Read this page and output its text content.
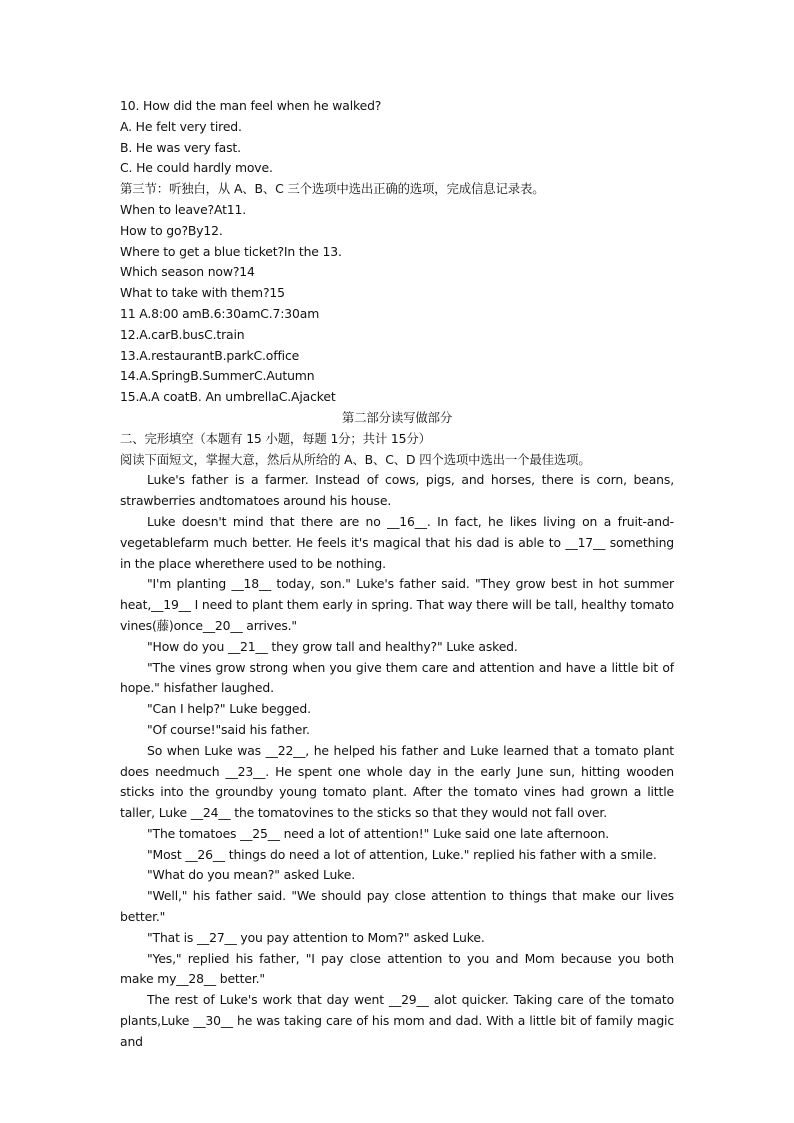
10. How did the man feel when he walked?
A. He felt very tired.
B. He was very fast.
C. He could hardly move.
第三节：听独白，从 A、B、C 三个选项中选出正确的选项，完成信息记录表。
When to leave?At11.
How to go?By12.
Where to get a blue ticket?In the 13.
Which season now?14
What to take with them?15
11 A.8:00 amB.6:30amC.7:30am
12.A.carB.busC.train
13.A.restaurantB.parkC.office
14.A.SpringB.SummerC.Autumn
15.A.A coatB. An umbrellaC.Ajacket
第二部分读写做部分
二、完形填空（本题有 15 小题，每题 1分；共计 15分）
阅读下面短文，掌握大意，然后从所给的 A、B、C、D 四个选项中选出一个最佳选项。
Luke's father is a farmer. Instead of cows, pigs, and horses, there is corn, beans, strawberries andtomatoes around his house.
Luke doesn't mind that there are no __16__. In fact, he likes living on a fruit-and-vegetablefarm much better. He feels it's magical that his dad is able to __17__ something in the place wherethere used to be nothing.
"I'm planting __18__ today, son." Luke's father said. "They grow best in hot summer heat,__19__ I need to plant them early in spring. That way there will be tall, healthy tomato vines(藤)once__20__ arrives."
"How do you __21__ they grow tall and healthy?" Luke asked.
"The vines grow strong when you give them care and attention and have a little bit of hope." hisfather laughed.
"Can I help?" Luke begged.
"Of course!"said his father.
So when Luke was __22__, he helped his father and Luke learned that a tomato plant does needmuch __23__. He spent one whole day in the early June sun, hitting wooden sticks into the groundby young tomato plant. After the tomato vines had grown a little taller, Luke __24__ the tomatovines to the sticks so that they would not fall over.
"The tomatoes __25__ need a lot of attention!" Luke said one late afternoon.
"Most __26__ things do need a lot of attention, Luke." replied his father with a smile.
"What do you mean?" asked Luke.
"Well," his father said. "We should pay close attention to things that make our lives better."
"That is __27__ you pay attention to Mom?" asked Luke.
"Yes," replied his father, "I pay close attention to you and Mom because you both make my__28__ better."
The rest of Luke's work that day went __29__ alot quicker. Taking care of the tomato
plants,Luke __30__ he was taking care of his mom and dad. With a little bit of family magic and
